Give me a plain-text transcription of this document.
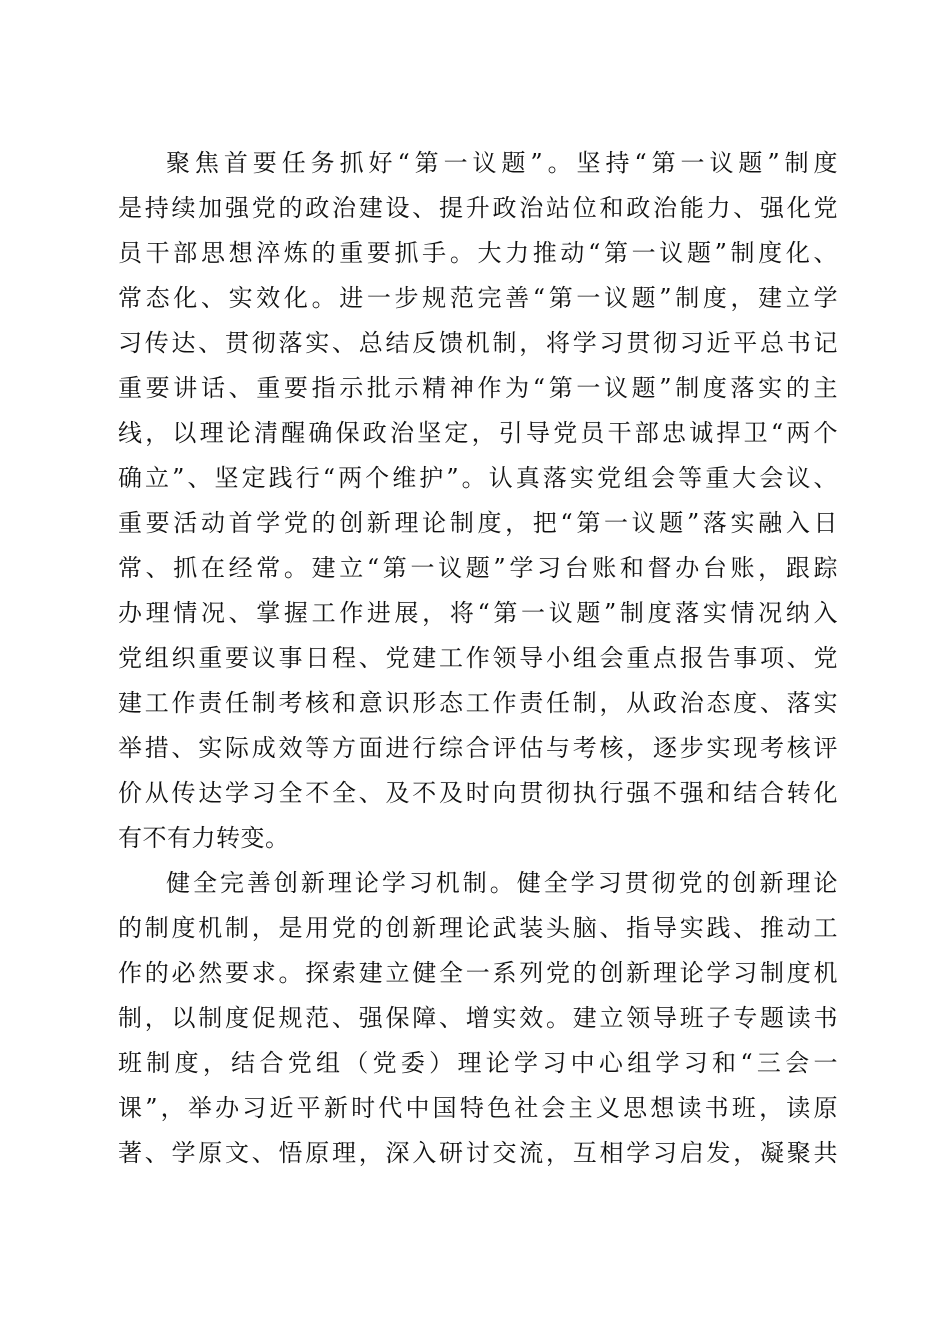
聚焦首要任务抓好“第一议题”。坚持“第一议题”制度
是持续加强党的政治建设、提升政治站位和政治能力、强化党
员干部思想淬炼的重要抓手。大力推动“第一议题”制度化、
常态化、实效化。进一步规范完善“第一议题”制度，建立学
习传达、贯彻落实、总结反馈机制，将学习贯彻习近平总书记
重要讲话、重要指示批示精神作为“第一议题”制度落实的主
线，以理论清醒确保政治坚定，引导党员干部忠诚捍卫“两个
确立”、坚定践行“两个维护”。认真落实党组会等重大会议、
重要活动首学党的创新理论制度，把“第一议题”落实融入日
常、抓在经常。建立“第一议题”学习台账和督办台账，跟踪
办理情况、掌握工作进展，将“第一议题”制度落实情况纳入
党组织重要议事日程、党建工作领导小组会重点报告事项、党
建工作责任制考核和意识形态工作责任制，从政治态度、落实
举措、实际成效等方面进行综合评估与考核，逐步实现考核评
价从传达学习全不全、及不及时向贯彻执行强不强和结合转化
有不有力转变。
健全完善创新理论学习机制。健全学习贯彻党的创新理论
的制度机制，是用党的创新理论武装头脑、指导实践、推动工
作的必然要求。探索建立健全一系列党的创新理论学习制度机
制，以制度促规范、强保障、增实效。建立领导班子专题读书
班制度，结合党组（党委）理论学习中心组学习和“三会一
课”，举办习近平新时代中国特色社会主义思想读书班，读原
著、学原文、悟原理，深入研讨交流，互相学习启发，凝聚共
